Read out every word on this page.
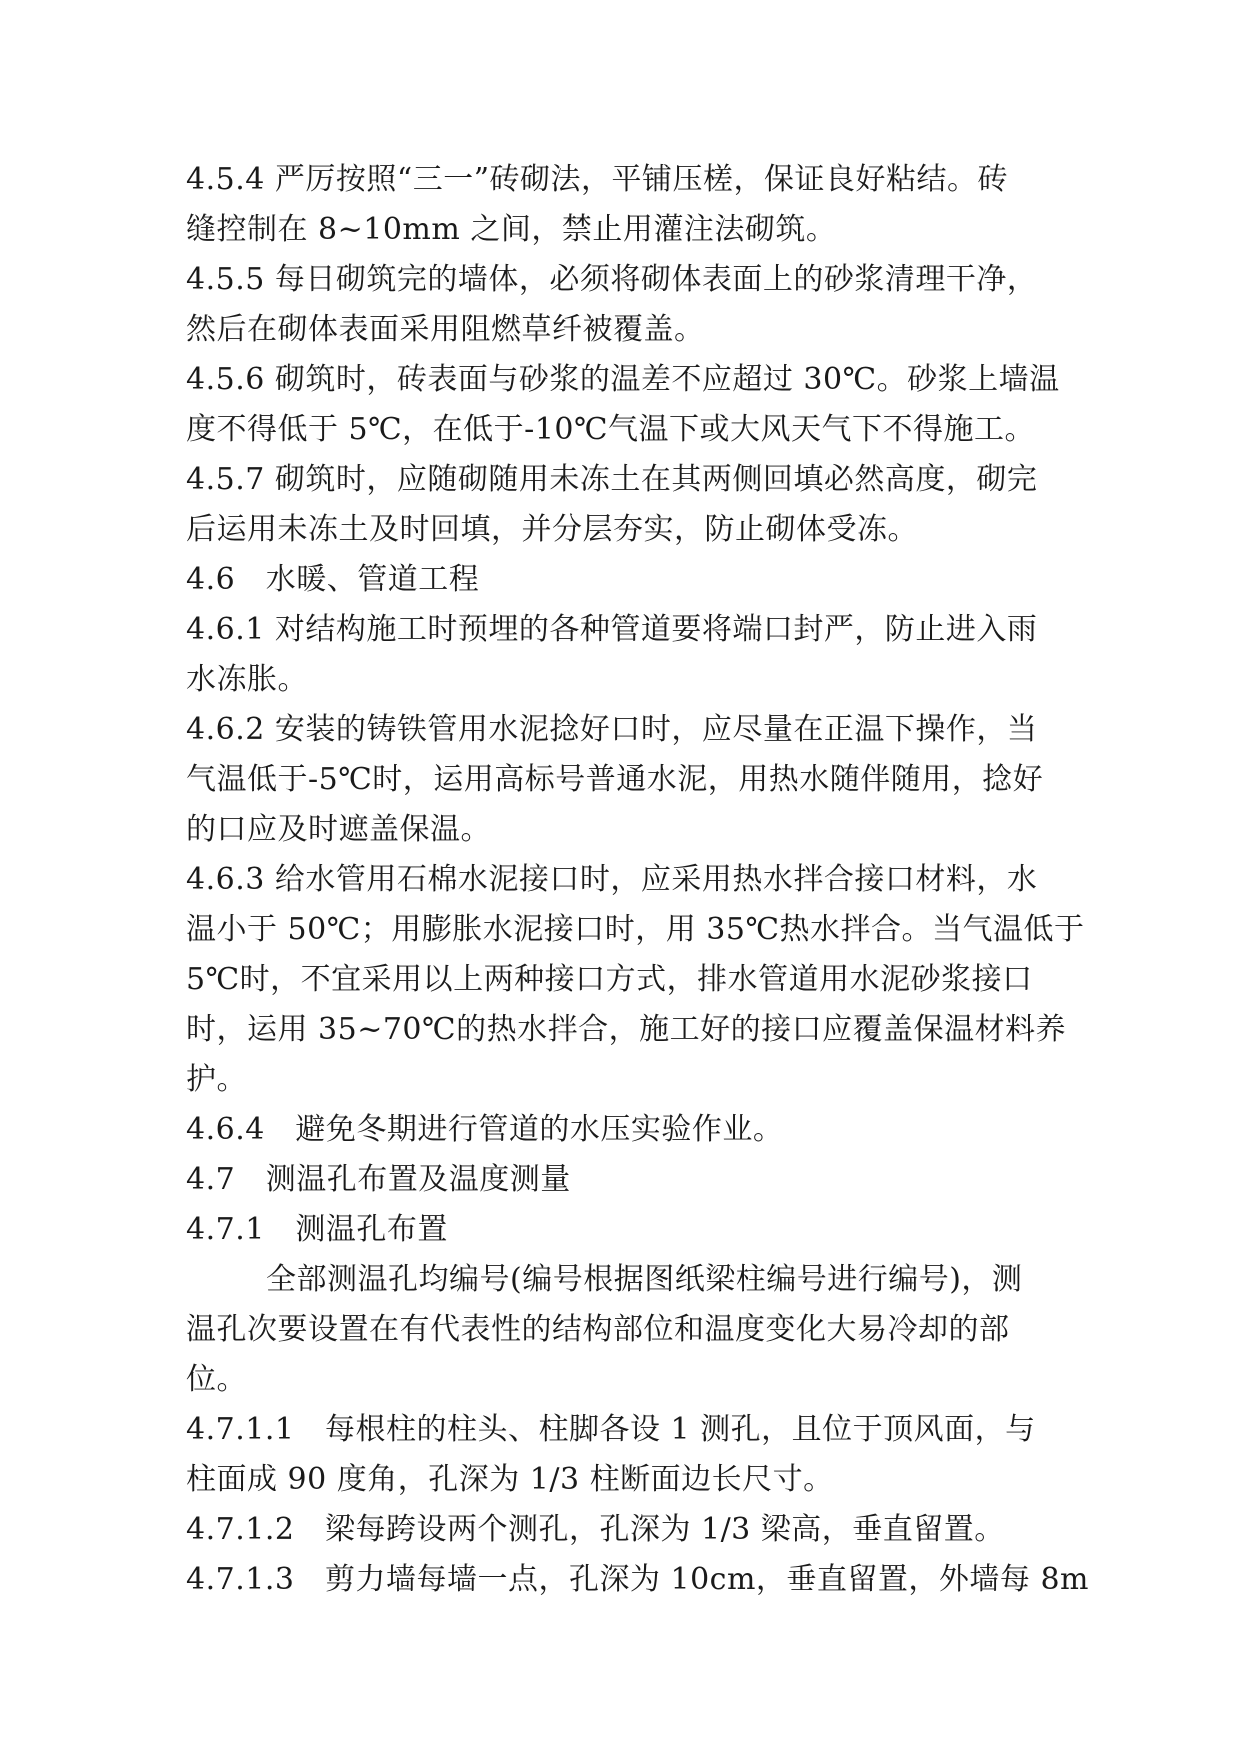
4.5.4 严厉按照“三一”砖砌法，平铺压槎，保证良好粘结。砖
缝控制在 8~10mm 之间，禁止用灌注法砌筑。
4.5.5 每日砌筑完的墙体，必须将砌体表面上的砂浆清理干净，
然后在砌体表面采用阻燃草纤被覆盖。
4.5.6 砌筑时，砖表面与砂浆的温差不应超过 30℃。砂浆上墙温
度不得低于 5℃，在低于-10℃气温下或大风天气下不得施工。
4.5.7 砌筑时，应随砌随用未冻土在其两侧回填必然高度，砌完
后运用未冻土及时回填，并分层夯实，防止砌体受冻。
4.6　水暖、管道工程
4.6.1 对结构施工时预埋的各种管道要将端口封严，防止进入雨
水冻胀。
4.6.2 安装的铸铁管用水泥捻好口时，应尽量在正温下操作，当
气温低于-5℃时，运用高标号普通水泥，用热水随伴随用，捻好
的口应及时遮盖保温。
4.6.3 给水管用石棉水泥接口时，应采用热水拌合接口材料，水
温小于 50℃；用膨胀水泥接口时，用 35℃热水拌合。当气温低于
5℃时，不宜采用以上两种接口方式，排水管道用水泥砂浆接口
时，运用 35~70℃的热水拌合，施工好的接口应覆盖保温材料养
护。
4.6.4　避免冬期进行管道的水压实验作业。
4.7　测温孔布置及温度测量
4.7.1　测温孔布置
全部测温孔均编号(编号根据图纸梁柱编号进行编号)，测
温孔次要设置在有代表性的结构部位和温度变化大易冷却的部
位。
4.7.1.1　每根柱的柱头、柱脚各设 1 测孔，且位于顶风面，与
柱面成 90 度角，孔深为 1/3 柱断面边长尺寸。
4.7.1.2　梁每跨设两个测孔，孔深为 1/3 梁高，垂直留置。
4.7.1.3　剪力墙每墙一点，孔深为 10cm，垂直留置，外墙每 8m
